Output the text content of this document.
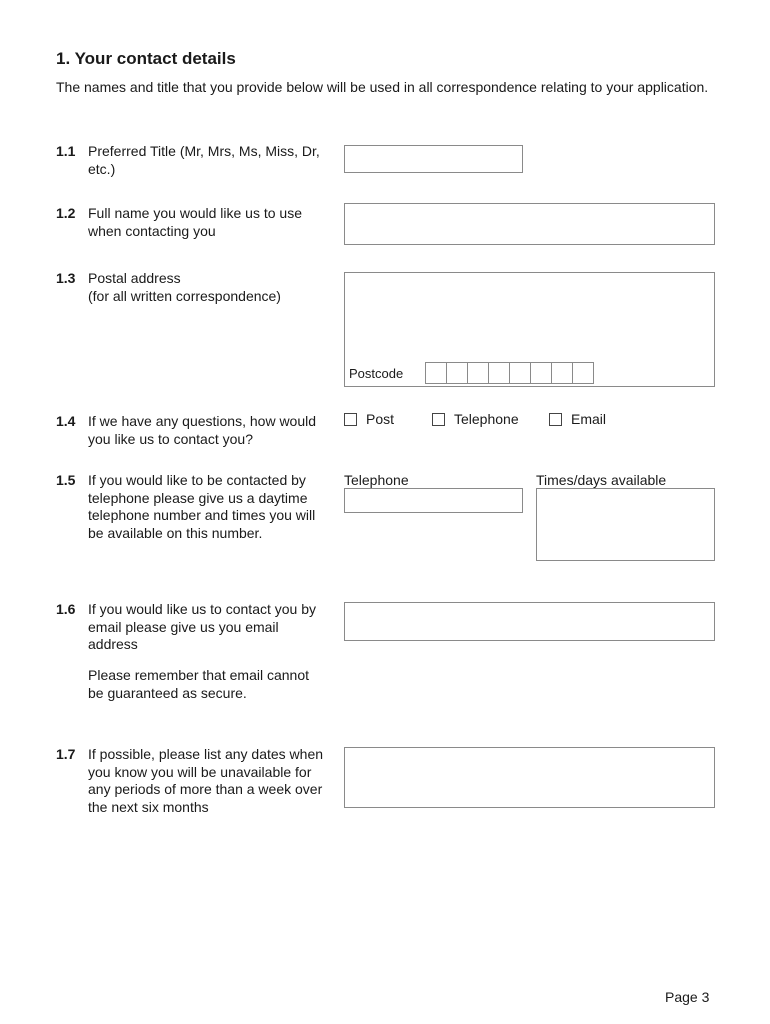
1. Your contact details
The names and title that you provide below will be used in all correspondence relating to your application.
1.1 Preferred Title (Mr, Mrs, Ms, Miss, Dr, etc.)
1.2 Full name you would like us to use when contacting you
1.3 Postal address
(for all written correspondence)
Postcode
1.4 If we have any questions, how would you like us to contact you?
Post	Telephone	Email
1.5 If you would like to be contacted by telephone please give us a daytime telephone number and times you will be available on this number.
Telephone	Times/days available
1.6 If you would like us to contact you by email please give us you email address
Please remember that email cannot be guaranteed as secure.
1.7 If possible, please list any dates when you know you will be unavailable for any periods of more than a week over the next six months
Page 3
